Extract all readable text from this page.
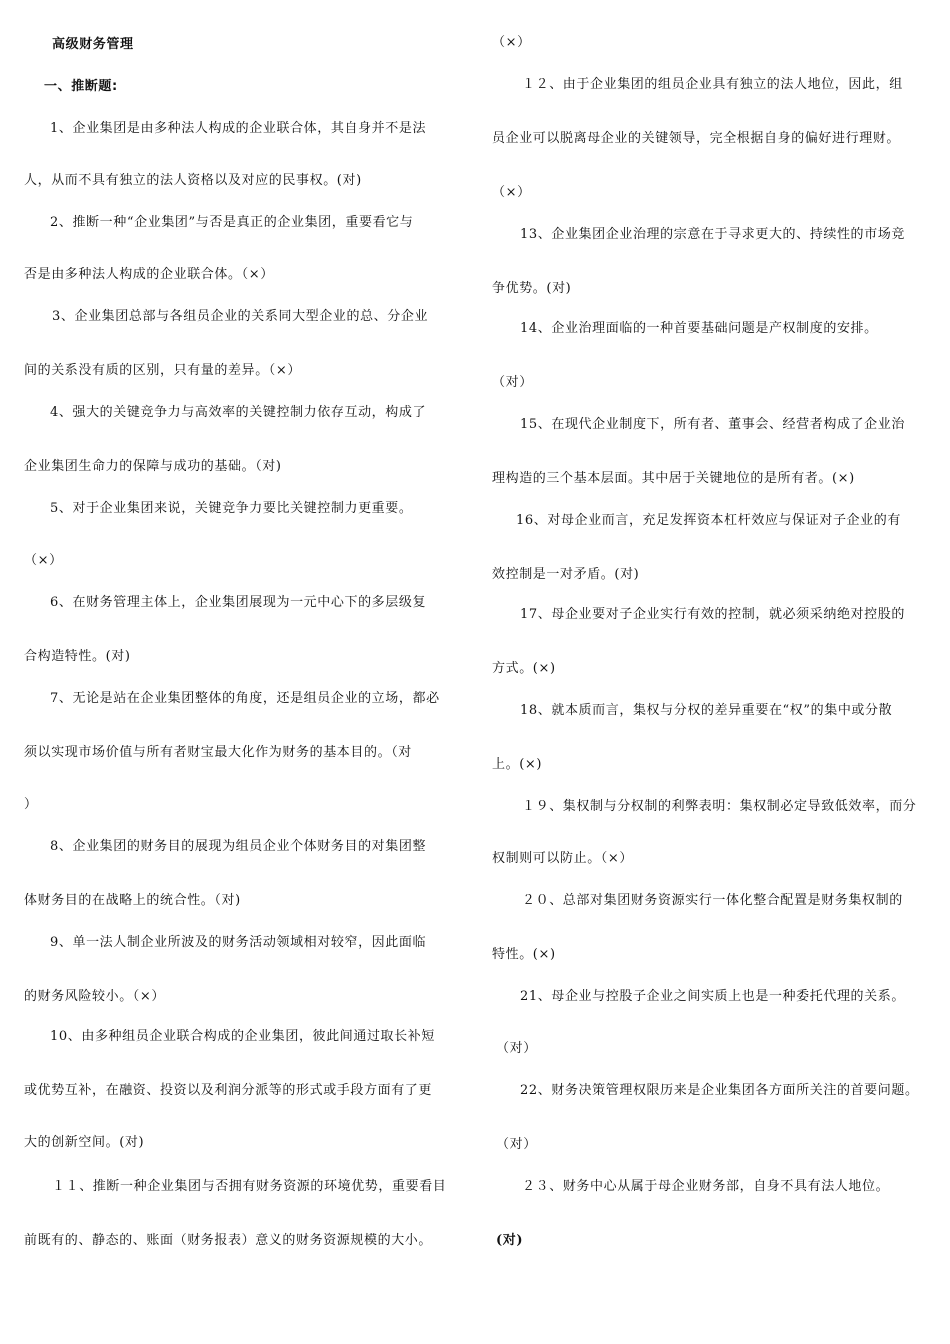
高级财务管理
一、推断题:
1、企业集团是由多种法人构成的企业联合体，其自身并不是法
人，从而不具有独立的法人资格以及对应的民事权。(对)
2、推断一种“企业集团”与否是真正的企业集团，重要看它与
否是由多种法人构成的企业联合体。（×）
3、企业集团总部与各组员企业的关系同大型企业的总、分企业
间的关系没有质的区别，只有量的差异。（×）
4、强大的关键竞争力与高效率的关键控制力依存互动，构成了
企业集团生命力的保障与成功的基础。（对)
5、对于企业集团来说，关键竞争力要比关键控制力更重要。
（×）
6、在财务管理主体上，企业集团展现为一元中心下的多层级复
合构造特性。(对)
7、无论是站在企业集团整体的角度，还是组员企业的立场，都必
须以实现市场价值与所有者财宝最大化作为财务的基本目的。（对
）
8、企业集团的财务目的展现为组员企业个体财务目的对集团整
体财务目的在战略上的统合性。（对)
9、单一法人制企业所波及的财务活动领域相对较窄，因此面临
的财务风险较小。（×）
10、由多种组员企业联合构成的企业集团，彼此间通过取长补短
或优势互补，在融资、投资以及利润分派等的形式或手段方面有了更
大的创新空间。(对)
１１、推断一种企业集团与否拥有财务资源的环境优势，重要看目
前既有的、静态的、账面（财务报表）意义的财务资源规模的大小。
（×）
１２、由于企业集团的组员企业具有独立的法人地位，因此，组
员企业可以脱离母企业的关键领导，完全根据自身的偏好进行理财。
（×）
13、企业集团企业治理的宗意在于寻求更大的、持续性的市场竞
争优势。(对)
14、企业治理面临的一种首要基础问题是产权制度的安排。
（对）
15、在现代企业制度下，所有者、董事会、经营者构成了企业治
理构造的三个基本层面。其中居于关键地位的是所有者。(×)
16、对母企业而言，充足发挥资本杠杆效应与保证对子企业的有
效控制是一对矛盾。(对)
17、母企业要对子企业实行有效的控制，就必须采纳绝对控股的
方式。(×)
18、就本质而言，集权与分权的差异重要在“权”的集中或分散
上。(×)
１９、集权制与分权制的利弊表明：集权制必定导致低效率，而分
权制则可以防止。（×）
２０、总部对集团财务资源实行一体化整合配置是财务集权制的
特性。(×)
21、母企业与控股子企业之间实质上也是一种委托代理的关系。
（对）
22、财务决策管理权限历来是企业集团各方面所关注的首要问题。
（对）
２３、财务中心从属于母企业财务部，自身不具有法人地位。
(对)
